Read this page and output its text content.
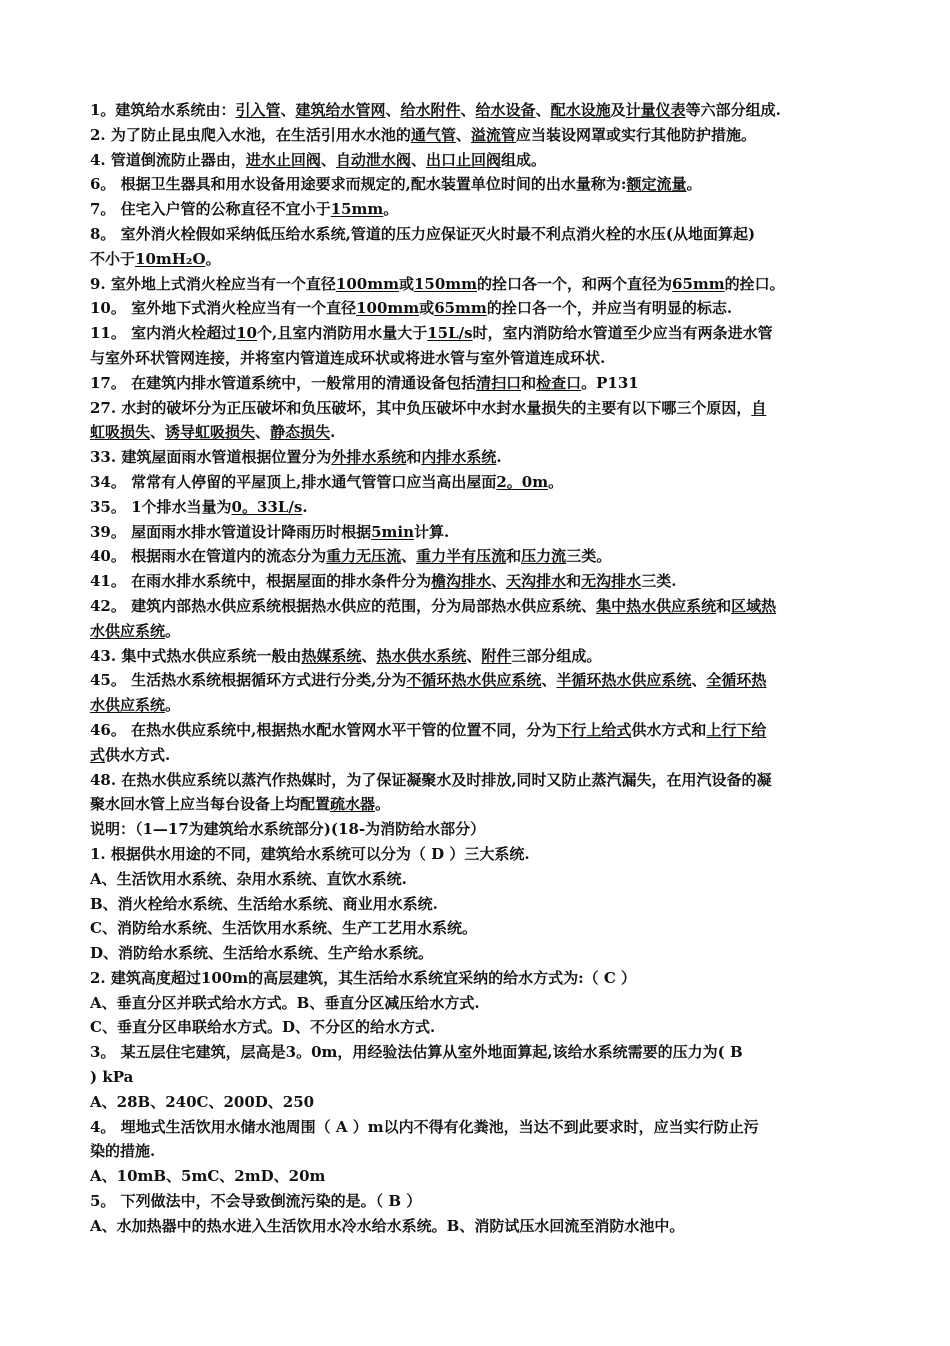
1。建筑给水系统由：引入管、建筑给水管网、给水附件、给水设备、配水设施及计量仪表等六部分组成.
2. 为了防止昆虫爬入水池，在生活引用水水池的通气管、溢流管应当装设网罩或实行其他防护措施。
4. 管道倒流防止器由，进水止回阀、自动泄水阀、出口止回阀组成。
6。 根据卫生器具和用水设备用途要求而规定的,配水装置单位时间的出水量称为:额定流量。
7。 住宅入户管的公称直径不宜小于15mm。
8。 室外消火栓假如采纳低压给水系统,管道的压力应保证灭火时最不利点消火栓的水压(从地面算起)
不小于10mH₂O。
9. 室外地上式消火栓应当有一个直径100mm或150mm的拴口各一个，和两个直径为65mm的拴口。
10。 室外地下式消火栓应当有一个直径100mm或65mm的拴口各一个，并应当有明显的标志.
11。 室内消火栓超过10个,且室内消防用水量大于15L/s时，室内消防给水管道至少应当有两条进水管
与室外环状管网连接，并将室内管道连成环状或将进水管与室外管道连成环状.
17。 在建筑内排水管道系统中，一般常用的清通设备包括清扫口和检查口。P131
27. 水封的破坏分为正压破坏和负压破坏，其中负压破坏中水封水量损失的主要有以下哪三个原因，自
虹吸损失、诱导虹吸损失、静态损失.
33. 建筑屋面雨水管道根据位置分为外排水系统和内排水系统.
34。 常常有人停留的平屋顶上,排水通气管管口应当高出屋面2。0m。
35。 1个排水当量为0。33L/s.
39。 屋面雨水排水管道设计降雨历时根据5min计算.
40。 根据雨水在管道内的流态分为重力无压流、重力半有压流和压力流三类。
41。 在雨水排水系统中，根据屋面的排水条件分为檐沟排水、天沟排水和无沟排水三类.
42。 建筑内部热水供应系统根据热水供应的范围，分为局部热水供应系统、集中热水供应系统和区域热
水供应系统。
43. 集中式热水供应系统一般由热媒系统、热水供水系统、附件三部分组成。
45。 生活热水系统根据循环方式进行分类,分为不循环热水供应系统、半循环热水供应系统、全循环热
水供应系统。
46。 在热水供应系统中,根据热水配水管网水平干管的位置不同，分为下行上给式供水方式和上行下给
式供水方式.
48. 在热水供应系统以蒸汽作热媒时，为了保证凝聚水及时排放,同时又防止蒸汽漏失，在用汽设备的凝
聚水回水管上应当每台设备上均配置疏水器。
说明：（1—17为建筑给水系统部分)(18-为消防给水部分）
1. 根据供水用途的不同，建筑给水系统可以分为（ D ）三大系统.
A、生活饮用水系统、杂用水系统、直饮水系统.
B、消火栓给水系统、生活给水系统、商业用水系统.
C、消防给水系统、生活饮用水系统、生产工艺用水系统。
D、消防给水系统、生活给水系统、生产给水系统。
2. 建筑高度超过100m的高层建筑，其生活给水系统宜采纳的给水方式为:（ C ）
A、垂直分区并联式给水方式。B、垂直分区减压给水方式.
C、垂直分区串联给水方式。D、不分区的给水方式.
3。 某五层住宅建筑，层高是3。0m，用经验法估算从室外地面算起,该给水系统需要的压力为( B
) kPa
A、28B、240C、200D、250
4。 埋地式生活饮用水储水池周围（ A ）m以内不得有化粪池，当达不到此要求时，应当实行防止污
染的措施.
A、10mB、5mC、2mD、20m
5。 下列做法中，不会导致倒流污染的是。（ B ）
A、水加热器中的热水进入生活饮用水冷水给水系统。B、消防试压水回流至消防水池中。
